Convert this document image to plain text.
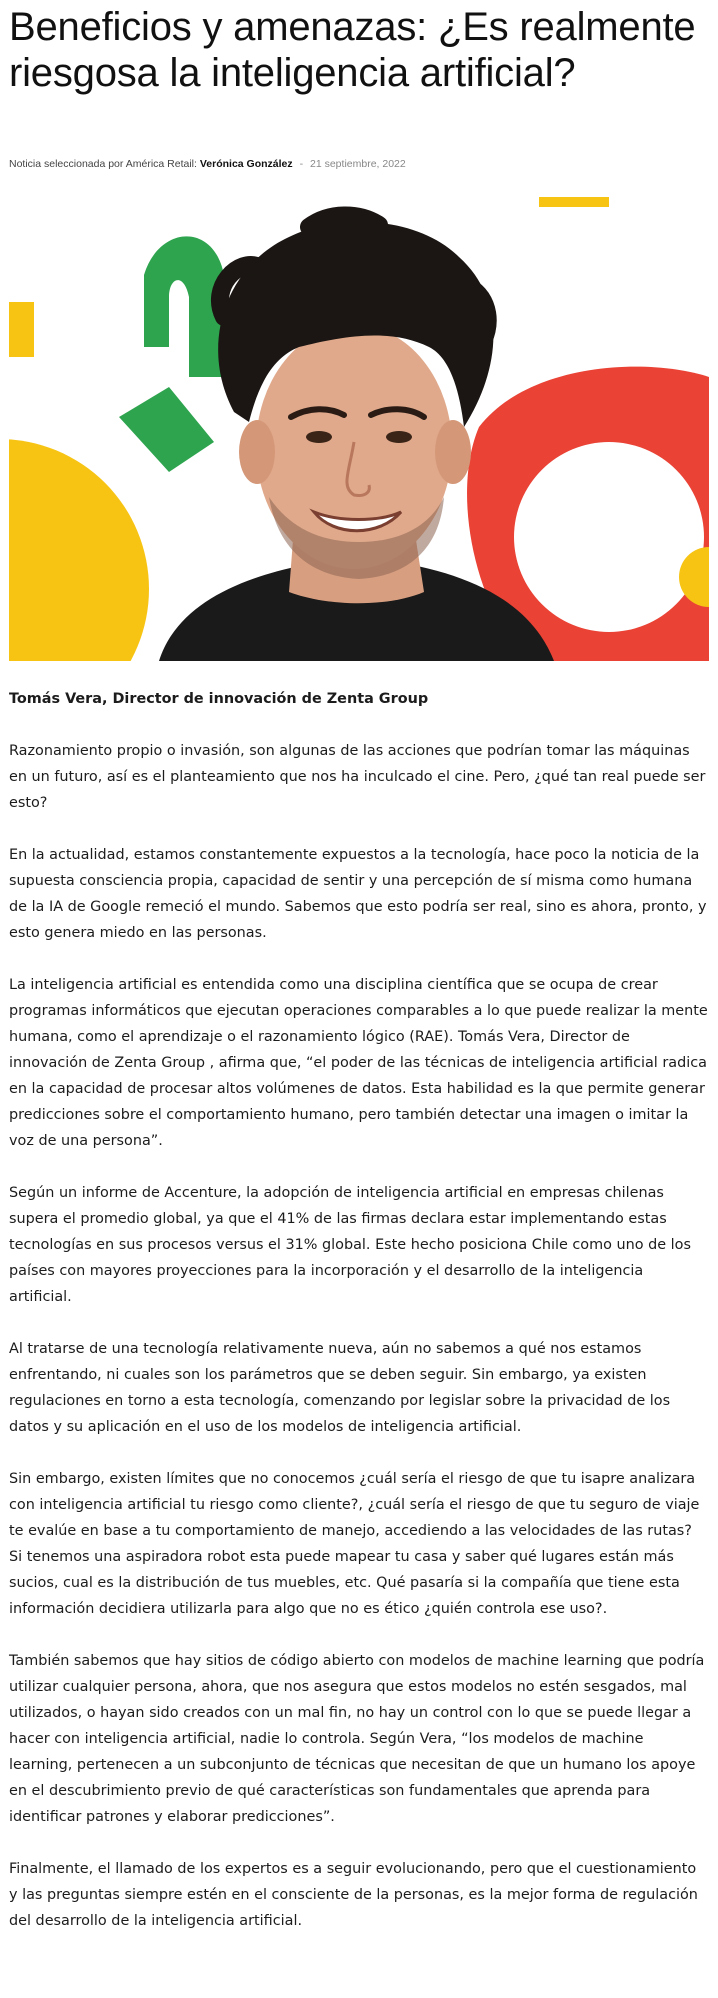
Beneficios y amenazas: ¿Es realmente riesgosa la inteligencia artificial?
Noticia seleccionada por América Retail: Verónica González - 21 septiembre, 2022

Tomás Vera, Director de innovación de Zenta Group

Razonamiento propio o invasión, son algunas de las acciones que podrían tomar las máquinas en un futuro, así es el planteamiento que nos ha inculcado el cine. Pero, ¿qué tan real puede ser esto?

En la actualidad, estamos constantemente expuestos a la tecnología, hace poco la noticia de la supuesta consciencia propia, capacidad de sentir y una percepción de sí misma como humana de la IA de Google remeció el mundo. Sabemos que esto podría ser real, sino es ahora, pronto, y esto genera miedo en las personas.

La inteligencia artificial es entendida como una disciplina científica que se ocupa de crear programas informáticos que ejecutan operaciones comparables a lo que puede realizar la mente humana, como el aprendizaje o el razonamiento lógico (RAE). Tomás Vera, Director de innovación de Zenta Group , afirma que, “el poder de las técnicas de inteligencia artificial radica en la capacidad de procesar altos volúmenes de datos. Esta habilidad es la que permite generar predicciones sobre el comportamiento humano, pero también detectar una imagen o imitar la voz de una persona”.

Según un informe de Accenture, la adopción de inteligencia artificial en empresas chilenas supera el promedio global, ya que el 41% de las firmas declara estar implementando estas tecnologías en sus procesos versus el 31% global. Este hecho posiciona Chile como uno de los países con mayores proyecciones para la incorporación y el desarrollo de la inteligencia artificial.

Al tratarse de una tecnología relativamente nueva, aún no sabemos a qué nos estamos enfrentando, ni cuales son los parámetros que se deben seguir. Sin embargo, ya existen regulaciones en torno a esta tecnología, comenzando por legislar sobre la privacidad de los datos y su aplicación en el uso de los modelos de inteligencia artificial.

Sin embargo, existen límites que no conocemos ¿cuál sería el riesgo de que tu isapre analizara con inteligencia artificial tu riesgo como cliente?, ¿cuál sería el riesgo de que tu seguro de viaje te evalúe en base a tu comportamiento de manejo, accediendo a las velocidades de las rutas? Si tenemos una aspiradora robot esta puede mapear tu casa y saber qué lugares están más sucios, cual es la distribución de tus muebles, etc. Qué pasaría si la compañía que tiene esta información decidiera utilizarla para algo que no es ético ¿quién controla ese uso?.

También sabemos que hay sitios de código abierto con modelos de machine learning que podría utilizar cualquier persona, ahora, que nos asegura que estos modelos no estén sesgados, mal utilizados, o hayan sido creados con un mal fin, no hay un control con lo que se puede llegar a hacer con inteligencia artificial, nadie lo controla. Según Vera, “los modelos de machine learning, pertenecen a un subconjunto de técnicas que necesitan de que un humano los apoye en el descubrimiento previo de qué características son fundamentales que aprenda para identificar patrones y elaborar predicciones”.

Finalmente, el llamado de los expertos es a seguir evolucionando, pero que el cuestionamiento y las preguntas siempre estén en el consciente de la personas, es la mejor forma de regulación del desarrollo de la inteligencia artificial.
